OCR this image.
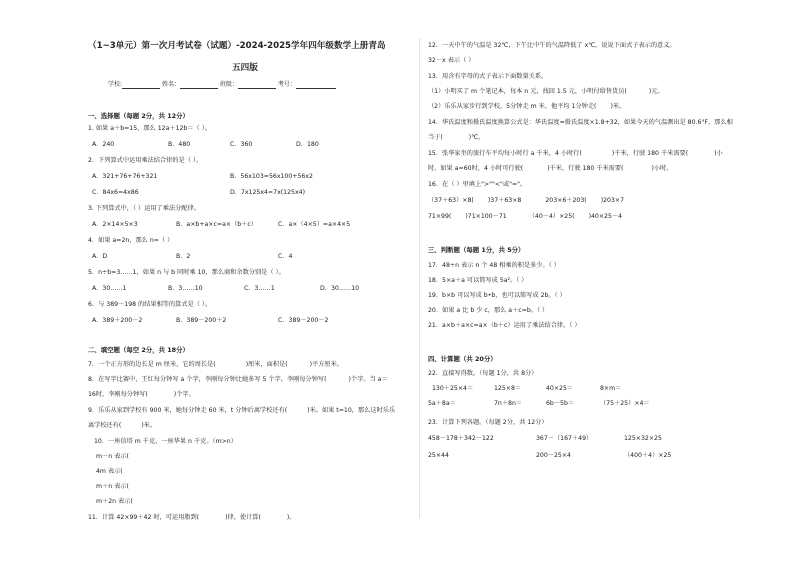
（1~3单元）第一次月考试卷（试题）-2024-2025学年四年级数学上册青岛
五四版
学校:	姓名：	班级：	考号：
一、选择题（每题 2分，共 12分）
1. 如果 a＋b=15，那么 12a＋12b＝（ ）。
A．240	B．480	C．360	D．180
2．下列算式中运用乘法结合律的是（ ）。
A．321+76+76+321	B．56x103=56x100+56x2
C．84x6=4x86	D．7x125x4=7x(125x4)
3. 下列算式中，（ ）运用了乘法分配律。
A．2×14×5×3	B．a×b+a×c=a×（b＋c）	C．a×（4×5）=a×4×5
4．如果 a=2n，那么 n=（ ）
A．D	B．2	C．4
5．n÷b=3……1，如果 n 与 b 同时乘 10，那么商和余数分别是（ ）。
A．30……1	B．3……10	C．3……1	D．30……10
6．与 389－198 的结果相等的算式是（ ）。
A．389＋200－2	B．389－200＋2	C．389－200－2
二、填空题（每空 2分，共 18分）
7．一个正方形的边长是 m 厘米，它的周长是(	)厘米，面积是(	)平方厘米。
8．在写字比赛中，王红每分钟写 a 个字，李刚每分钟比她多写 5 个字，李刚每分钟写(	)个字。当 a＝
16时，李刚每分钟写(	)个字。
9．乐乐从家到学校有 900 米，她每分钟走 60 米，t 分钟后离学校还有(	)米。如果 t=10，那么这时乐乐
离学校还有(	)米。
10．一座信塔 m 千克，一座华果 n 千克。（m>n）
m－n 表示(
4m 表示(
m＋n 表示(
m＋2n 表示(
11．计算 42×99＋42 时，可运用脂到(	)律，使计算(	)。
12．一天中午的气温是 32℃，下午比中午的气温降低了 x℃。说说下面式子表示的意义。
32－x 表示（ ）
13．用含有字母的式子表示下面数量关系。
（1）小明买了 m 个笔记本，每本 n 元，找回 1.5 元，小明付给售货员(	)元。
（2）乐乐从家步行到学校，5分钟走 m 米，他平均 1分钟走( )米。
14．华氏温度和摄氏温度换算公式是：华氏温度=摄氏温度×1.8+32，如果今天的气温测出是 80.6°F，那么相
当于(	)℃。
15．张华家坐的旅行车平均每小时行 a 千米，4 小时行(	)千米，行驶 180 千米需要(	)小
时。如果 a=60时，4 小时可行驶(	)千米，行驶 180 千米需要(	)小时。
16．在（ ）里填上">""<"或"="。
（37＋63）×8( )37＋63×8	203×6＋203( )203×7
71×99( )71×100－71	（40－4）×25( )40×25－4
三、判断题（每题 1分，共 5分）
17．48÷n 表示 n 个 48 相乘的积是多少。（ ）
18．5×a＋a 可以简写成 5a²。（ ）
19．b×b 可以写成 b•b，也可以简写成 2b。（ ）
20．如果 a 比 b 少 c，那么 a＋c=b。（ ）
21．a×b＋a×c=a×（b＋c）运用了乘法结合律。（ ）
四、计算题（共 20分）
22．直接写得数。（每题 1分，共 8分）
130＋25×4＝	125×8＝	40×25＝	8×m＝
5a＋8a＝	7n＋8n＝	6b－5b＝	（75＋25）×4＝
23．计算下列各题。（每题 2分，共 12分）
458－178＋342－122	367－（167＋49）	125×32×25
25×44	200－25×4	（400＋4）×25
